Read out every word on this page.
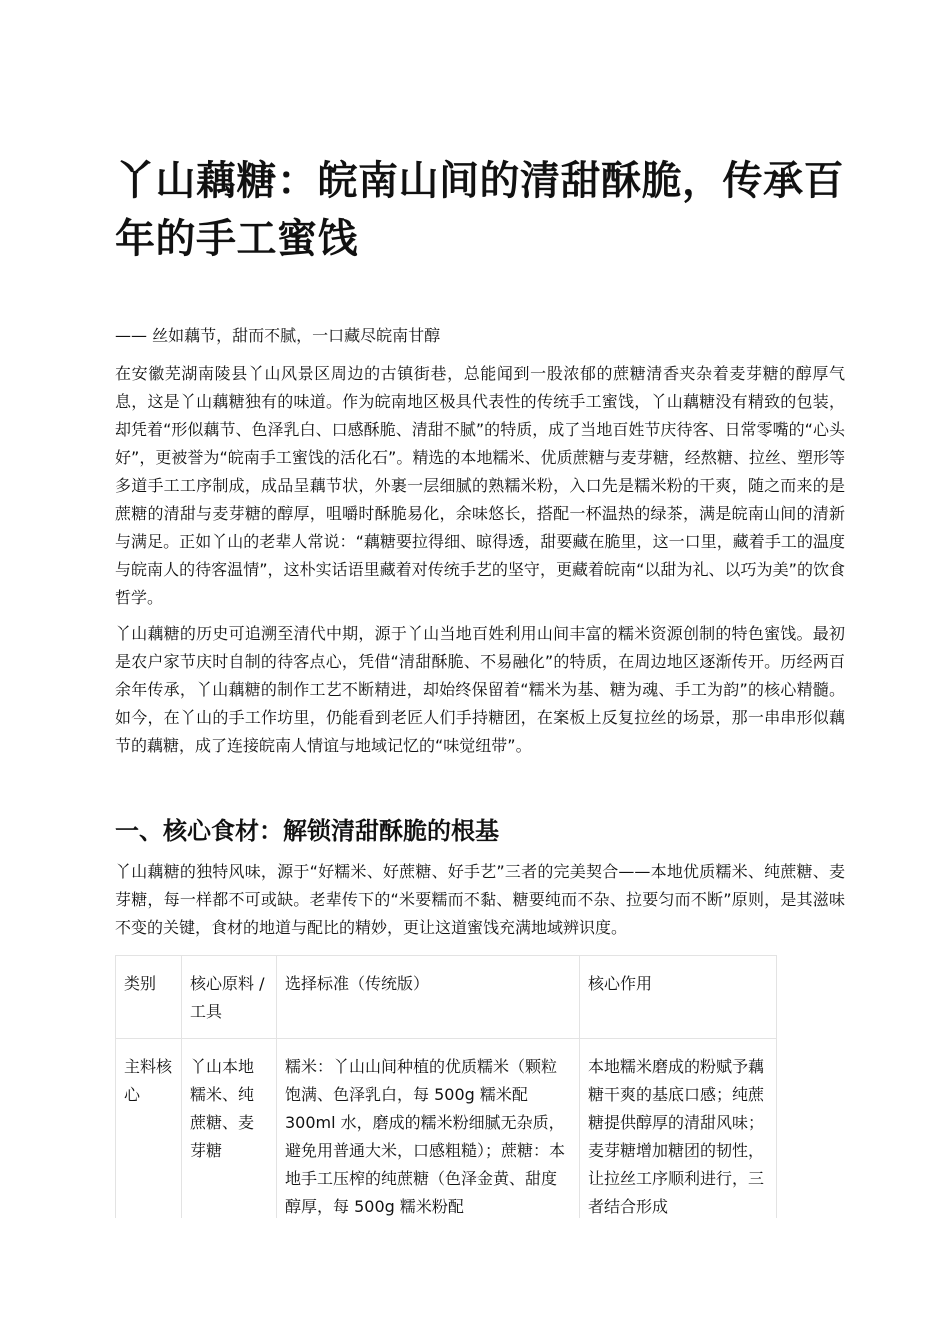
丫山藕糖：皖南山间的清甜酥脆，传承百年的手工蜜饯
—— 丝如藕节，甜而不腻，一口藏尽皖南甘醇

在安徽芜湖南陵县丫山风景区周边的古镇街巷，总能闻到一股浓郁的蔗糖清香夹杂着麦芽糖的醇厚气息，这是丫山藕糖独有的味道。作为皖南地区极具代表性的传统手工蜜饯，丫山藕糖没有精致的包装，却凭着“形似藕节、色泽乳白、口感酥脆、清甜不腻”的特质，成了当地百姓节庆待客、日常零嘴的“心头好”，更被誉为“皖南手工蜜饯的活化石”。精选的本地糯米、优质蔗糖与麦芽糖，经熬糖、拉丝、塑形等多道手工工序制成，成品呈藕节状，外裹一层细腻的熟糯米粉，入口先是糯米粉的干爽，随之而来的是蔗糖的清甜与麦芽糖的醇厚，咀嚼时酥脆易化，余味悠长，搭配一杯温热的绿茶，满是皖南山间的清新与满足。正如丫山的老辈人常说：“藕糖要拉得细、晾得透，甜要藏在脆里，这一口里，藏着手工的温度与皖南人的待客温情”，这朴实话语里藏着对传统手艺的坚守，更藏着皖南“以甜为礼、以巧为美”的饮食哲学。

丫山藕糖的历史可追溯至清代中期，源于丫山当地百姓利用山间丰富的糯米资源创制的特色蜜饯。最初是农户家节庆时自制的待客点心，凭借“清甜酥脆、不易融化”的特质，在周边地区逐渐传开。历经两百余年传承，丫山藕糖的制作工艺不断精进，却始终保留着“糯米为基、糖为魂、手工为韵”的核心精髓。如今，在丫山的手工作坊里，仍能看到老匠人们手持糖团，在案板上反复拉丝的场景，那一串串形似藕节的藕糖，成了连接皖南人情谊与地域记忆的“味觉纽带”。

一、核心食材：解锁清甜酥脆的根基

丫山藕糖的独特风味，源于“好糯米、好蔗糖、好手艺”三者的完美契合——本地优质糯米、纯蔗糖、麦芽糖，每一样都不可或缺。老辈传下的“米要糯而不黏、糖要纯而不杂、拉要匀而不断”原则，是其滋味不变的关键，食材的地道与配比的精妙，更让这道蜜饯充满地域辨识度。

类别	核心原料 / 工具	选择标准（传统版）	核心作用
主料核心	丫山本地糯米、纯蔗糖、麦芽糖	糯米：丫山山间种植的优质糯米（颗粒饱满、色泽乳白，每 500g 糯米配 300ml 水，磨成的糯米粉细腻无杂质，避免用普通大米，口感粗糙）；蔗糖：本地手工压榨的纯蔗糖（色泽金黄、甜度醇厚，每 500g 糯米粉配	本地糯米磨成的粉赋予藕糖干爽的基底口感；纯蔗糖提供醇厚的清甜风味；麦芽糖增加糖团的韧性，让拉丝工序顺利进行，三者结合形成
